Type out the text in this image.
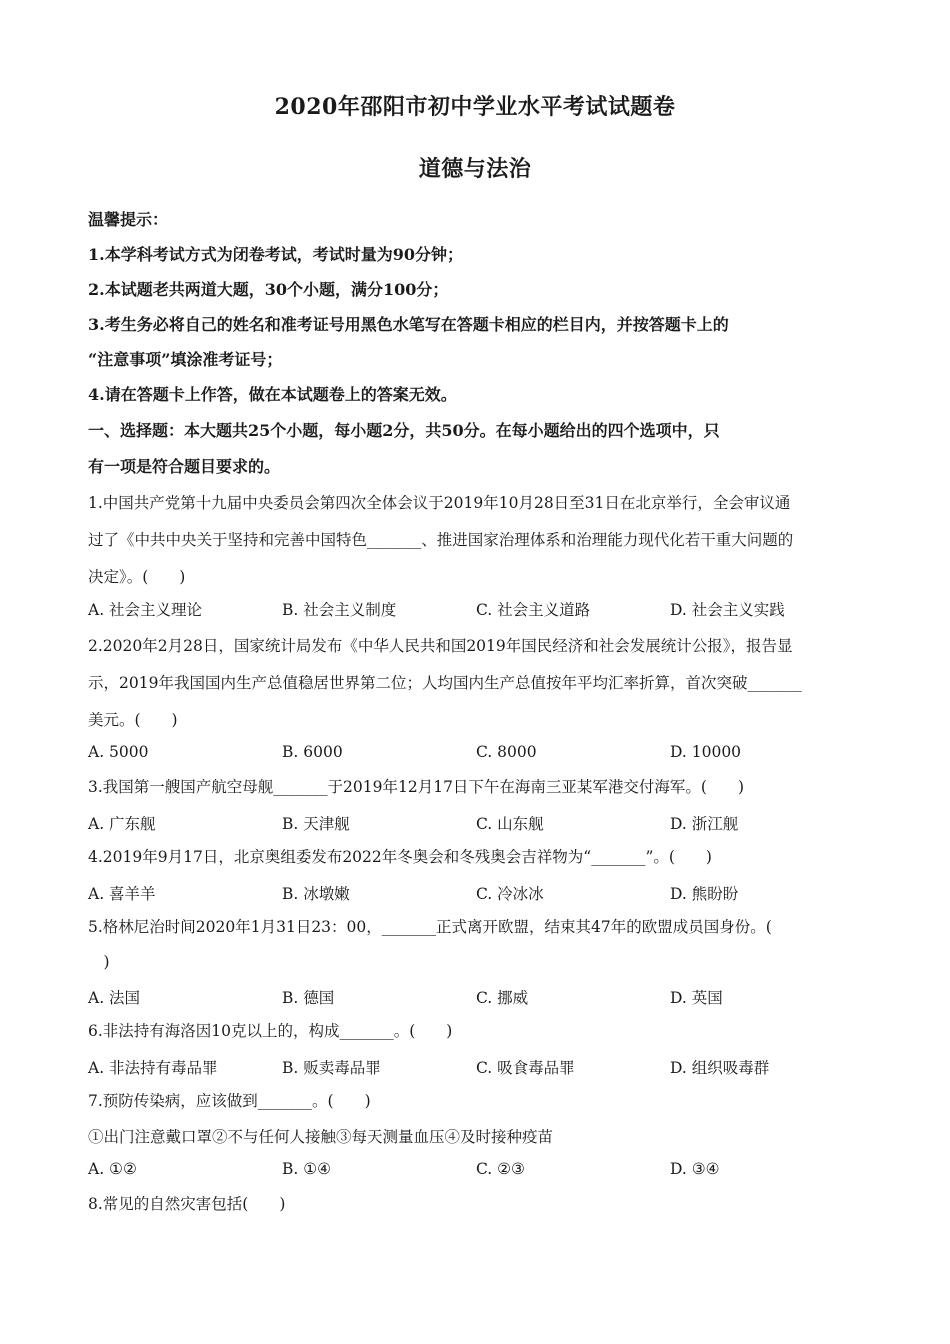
2020年邵阳市初中学业水平考试试题卷
道德与法治
温馨提示：
1.本学科考试方式为闭卷考试，考试时量为90分钟；
2.本试题老共两道大题，30个小题，满分100分；
3.考生务必将自己的姓名和准考证号用黑色水笔写在答题卡相应的栏目内，并按答题卡上的
“注意事项”填涂准考证号；
4.请在答题卡上作答，做在本试题卷上的答案无效。
一、选择题：本大题共25个小题，每小题2分，共50分。在每小题给出的四个选项中，只
有一项是符合题目要求的。
1.中国共产党第十九届中央委员会第四次全体会议于2019年10月28日至31日在北京举行，全会审议通
过了《中共中央关于坚持和完善中国特色_______、推进国家治理体系和治理能力现代化若干重大问题的
决定》。(　　)
A. 社会主义理论	B. 社会主义制度	C. 社会主义道路	D. 社会主义实践
2.2020年2月28日，国家统计局发布《中华人民共和国2019年国民经济和社会发展统计公报》，报告显
示，2019年我国国内生产总值稳居世界第二位；人均国内生产总值按年平均汇率折算，首次突破_______
美元。(　　)
A. 5000	B. 6000	C. 8000	D. 10000
3.我国第一艘国产航空母舰_______于2019年12月17日下午在海南三亚某军港交付海军。(　　)
A. 广东舰	B. 天津舰	C. 山东舰	D. 浙江舰
4.2019年9月17日，北京奥组委发布2022年冬奥会和冬残奥会吉祥物为“_______”。(　　)
A. 喜羊羊	B. 冰墩嫩	C. 冷冰冰	D. 熊盼盼
5.格林尼治时间2020年1月31日23：00，_______正式离开欧盟，结束其47年的欧盟成员国身份。(
　)
A. 法国	B. 德国	C. 挪威	D. 英国
6.非法持有海洛因10克以上的，构成_______。(　　)
A. 非法持有毒品罪	B. 贩卖毒品罪	C. 吸食毒品罪	D. 组织吸毒群
7.预防传染病，应该做到_______。(　　)
①出门注意戴口罩②不与任何人接触③每天测量血压④及时接种疫苗
A. ①②	B. ①④	C. ②③	D. ③④
8.常见的自然灾害包括(　　)
